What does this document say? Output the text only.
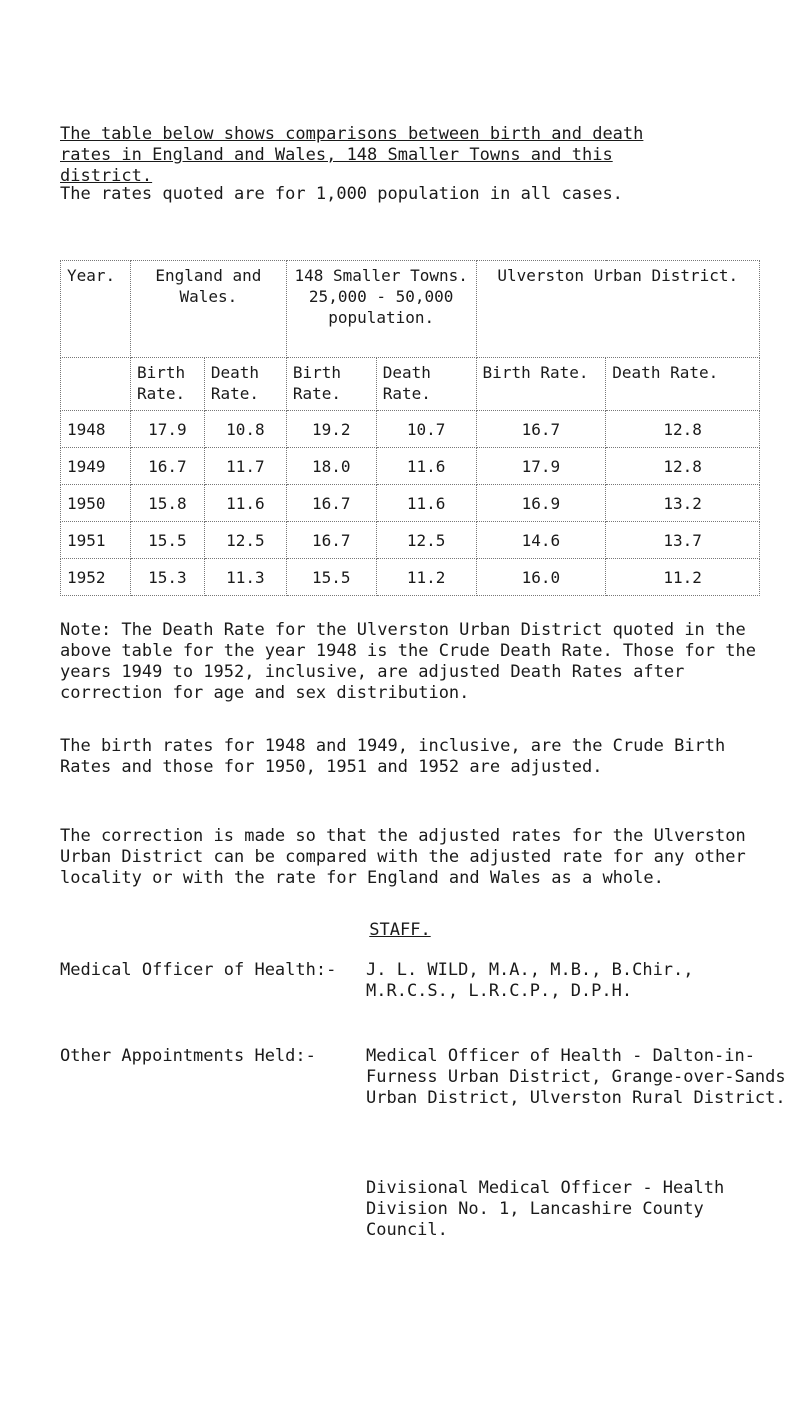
The table below shows comparisons between birth and death
rates in England and Wales, 148 Smaller Towns and this
district.
The rates quoted are for 1,000 population in all cases.
Year.	England and Wales.		148 Smaller Towns. 25,000 - 50,000 population.		Ulverston Urban District.	
	Birth Rate.	Death Rate.	Birth Rate.	Death Rate.	Birth Rate.	Death Rate.
1948	17.9	10.8	19.2	10.7	16.7	12.8
1949	16.7	11.7	18.0	11.6	17.9	12.8
1950	15.8	11.6	16.7	11.6	16.9	13.2
1951	15.5	12.5	16.7	12.5	14.6	13.7
1952	15.3	11.3	15.5	11.2	16.0	11.2
Note: The Death Rate for the Ulverston Urban District quoted in the above table for the year 1948 is the Crude Death Rate. Those for the years 1949 to 1952, inclusive, are adjusted Death Rates after correction for age and sex distribution.
The birth rates for 1948 and 1949, inclusive, are the Crude Birth Rates and those for 1950, 1951 and 1952 are adjusted.
The correction is made so that the adjusted rates for the Ulverston Urban District can be compared with the adjusted rate for any other locality or with the rate for England and Wales as a whole.
STAFF.
Medical Officer of Health:-	J. L. WILD, M.A., M.B., B.Chir., M.R.C.S., L.R.C.P., D.P.H.
Other Appointments Held:-	Medical Officer of Health - Dalton-in-Furness Urban District, Grange-over-Sands Urban District, Ulverston Rural District.
Divisional Medical Officer - Health Division No. 1, Lancashire County Council.
